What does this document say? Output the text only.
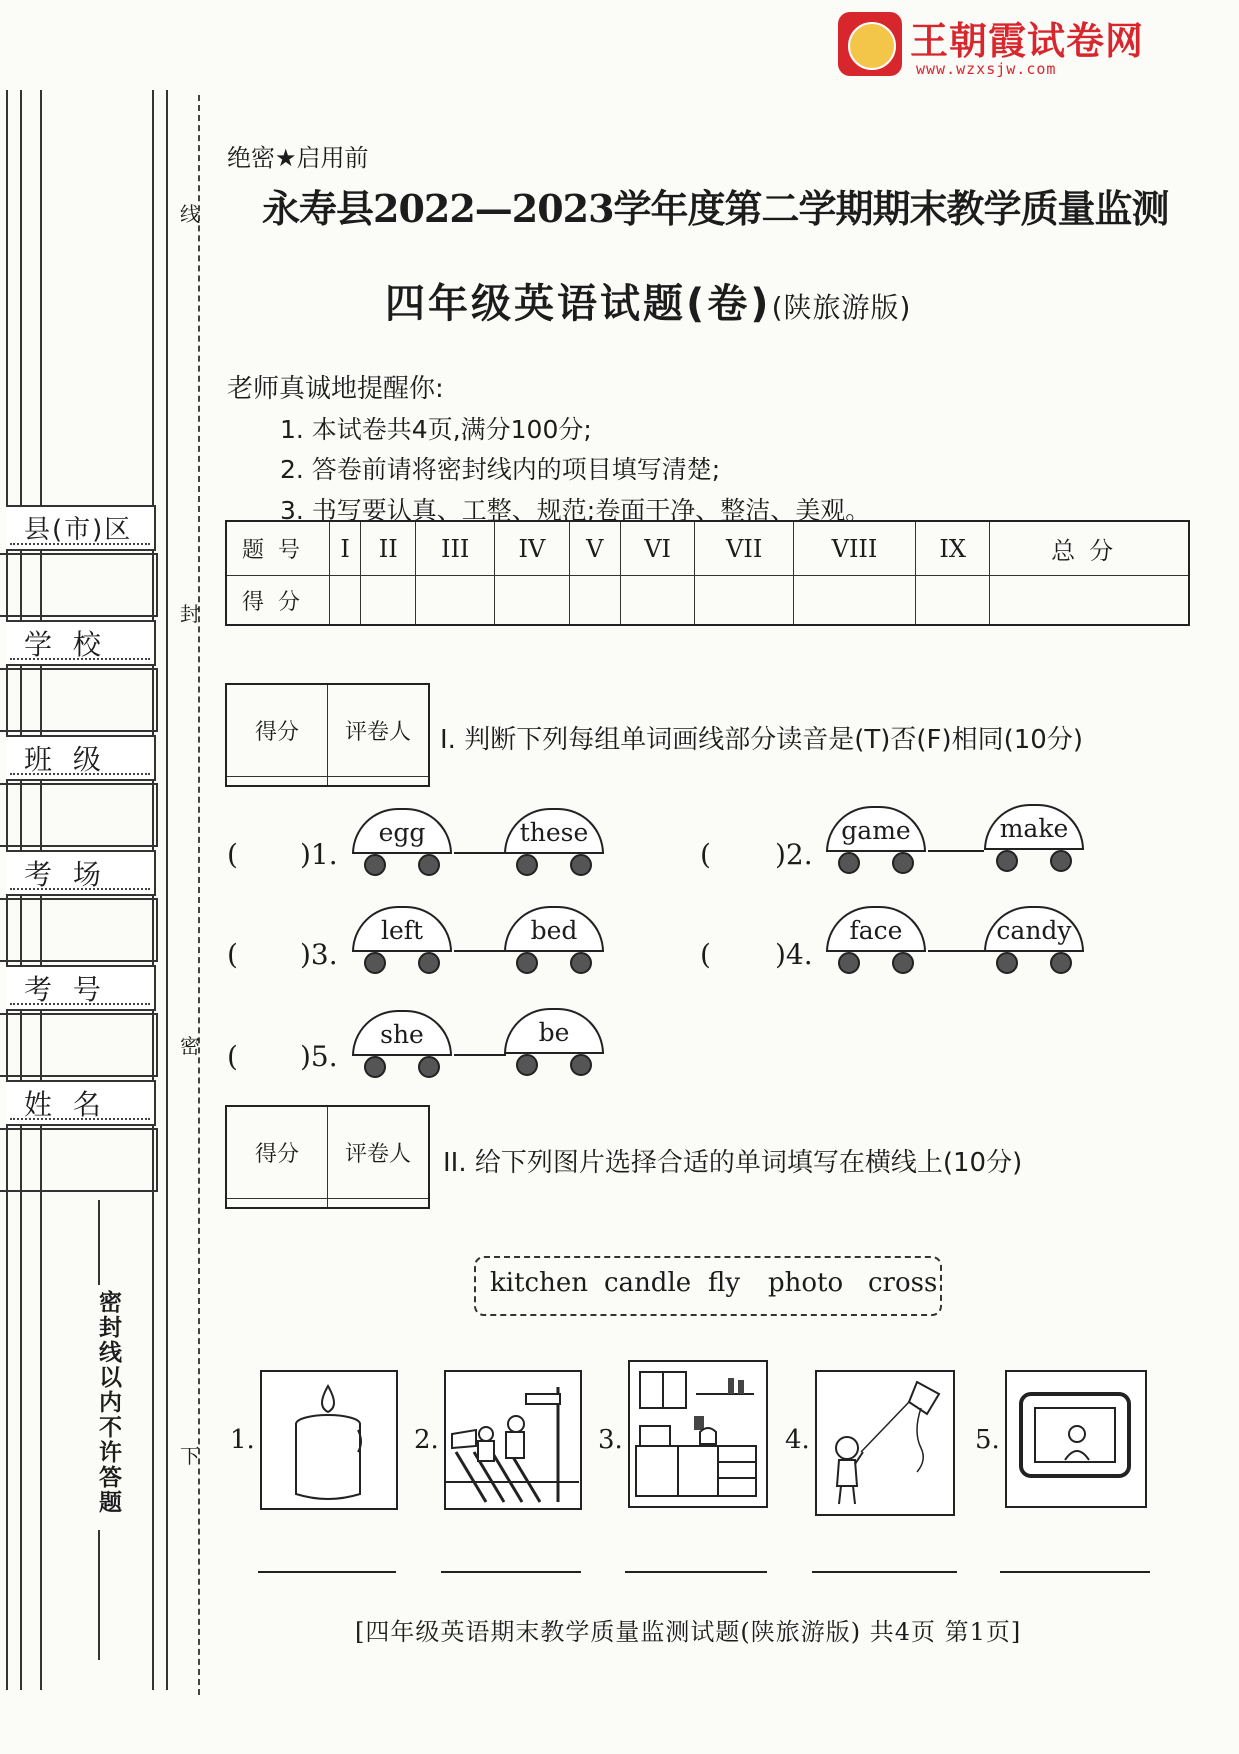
王朝霞试卷网
www.wzxsjw.com
线
封
密
下
县(市)区
学 校
班 级
考 场
考 号
姓 名
密封线以内不许答题
绝密★启用前
永寿县2022—2023学年度第二学期期末教学质量监测
四年级英语试题(卷)(陕旅游版)
老师真诚地提醒你:
1. 本试卷共4页,满分100分;
2. 答卷前请将密封线内的项目填写清楚;
3. 书写要认真、工整、规范;卷面干净、整洁、美观。
题号	I	II	III	IV	V	VI	VII	VIII	IX	总分
得分										
得分	评卷人
	I. 判断下列每组单词画线部分读音是(T)否(F)相同(10分)
( )1.
egg	these
( )2.
game	make
( )3.
left	bed
( )4.
face	candy
( )5.
she	be
得分	评卷人
	II. 给下列图片选择合适的单词填写在横线上(10分)
kitchen candle fly photo cross
1.	2.	3.	4.	5.
[四年级英语期末教学质量监测试题(陕旅游版) 共4页 第1页]
